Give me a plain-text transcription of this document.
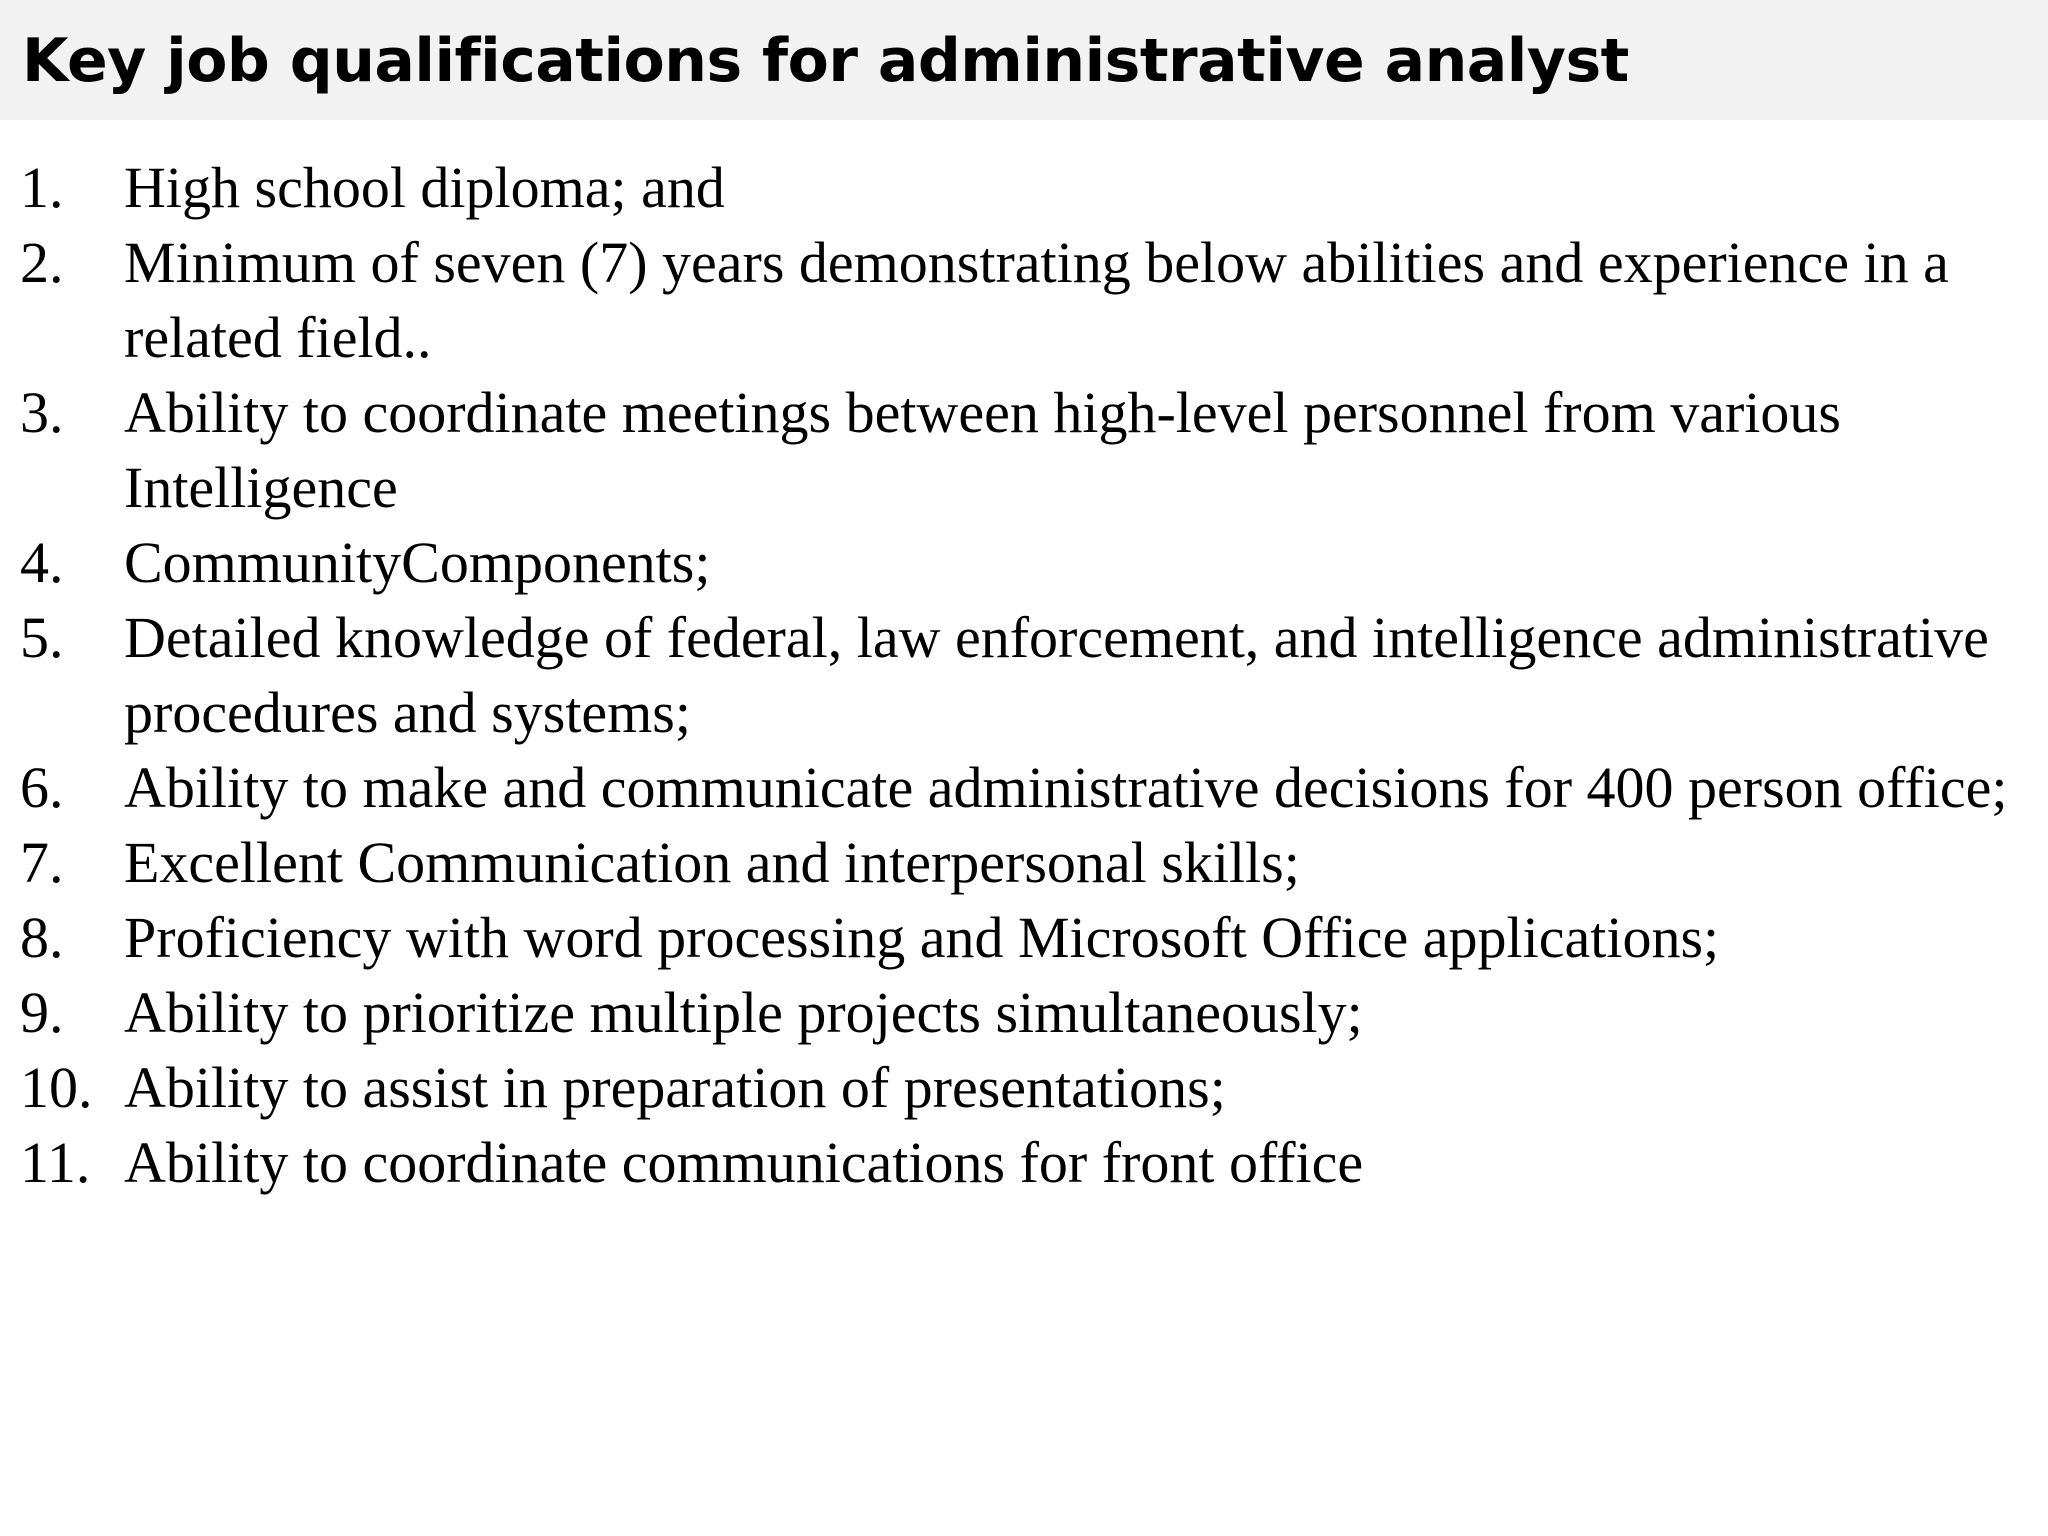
Key job qualifications for administrative analyst
1. High school diploma; and
2. Minimum of seven (7) years demonstrating below abilities and experience in a related field..
3. Ability to coordinate meetings between high-level personnel from various Intelligence
4. CommunityComponents;
5. Detailed knowledge of federal, law enforcement, and intelligence administrative procedures and systems;
6. Ability to make and communicate administrative decisions for 400 person office;
7. Excellent Communication and interpersonal skills;
8. Proficiency with word processing and Microsoft Office applications;
9. Ability to prioritize multiple projects simultaneously;
10. Ability to assist in preparation of presentations;
11. Ability to coordinate communications for front office
